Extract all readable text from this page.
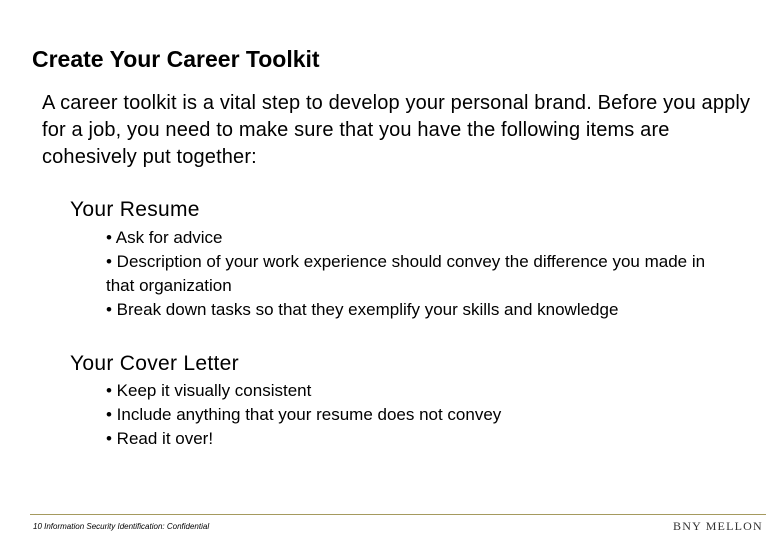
Create Your Career Toolkit
A career toolkit is a vital step to develop your personal brand. Before you apply for a job, you need to make sure that you have the following items are cohesively put together:
Your Resume
• Ask for advice
• Description of your work experience should convey the difference you made in that organization
• Break down tasks so that they exemplify your skills and knowledge
Your Cover Letter
• Keep it visually consistent
• Include anything that your resume does not convey
• Read it over!
10 Information Security Identification: Confidential	BNY MELLON
